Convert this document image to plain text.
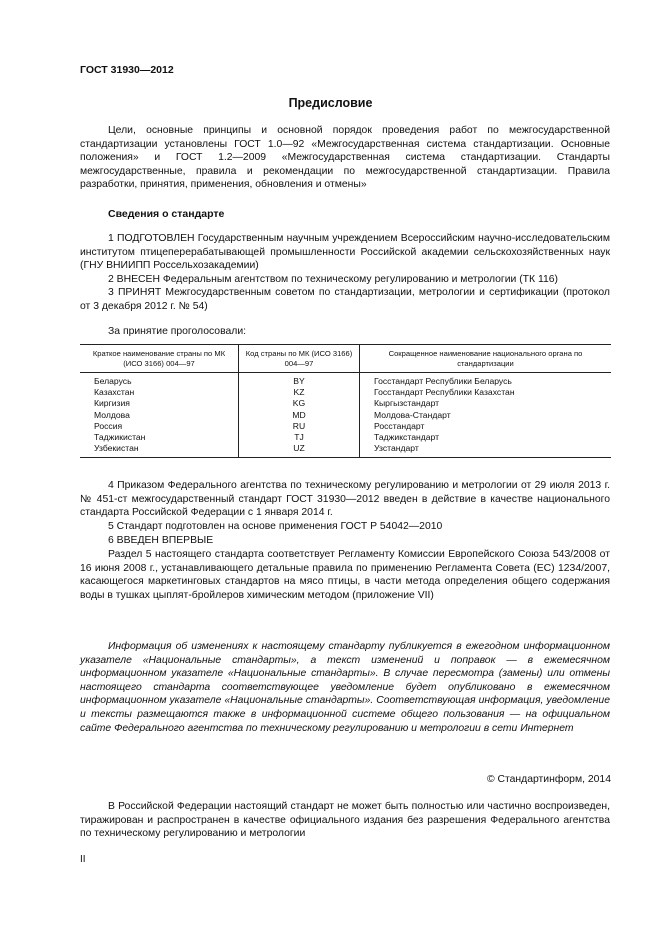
ГОСТ 31930—2012
Предисловие

Цели, основные принципы и основной порядок проведения работ по межгосударственной стандартизации установлены ГОСТ 1.0—92 «Межгосударственная система стандартизации. Основные положения» и ГОСТ 1.2—2009 «Межгосударственная система стандартизации. Стандарты межгосударственные, правила и рекомендации по межгосударственной стандартизации. Правила разработки, принятия, применения, обновления и отмены»

Сведения о стандарте

1 ПОДГОТОВЛЕН Государственным научным учреждением Всероссийским научно-исследовательским институтом птицеперерабатывающей промышленности Российской академии сельскохозяйственных наук (ГНУ ВНИИПП Россельхозакадемии)

2 ВНЕСЕН Федеральным агентством по техническому регулированию и метрологии (ТК 116)

3 ПРИНЯТ Межгосударственным советом по стандартизации, метрологии и сертификации (протокол от 3 декабря 2012 г. № 54)

За принятие проголосовали:
Краткое наименование страны по МК (ИСО 3166) 004—97	Код страны по МК (ИСО 3166) 004—97	Сокращенное наименование национального органа по стандартизации
Беларусь	BY	Госстандарт Республики Беларусь
Казахстан	KZ	Госстандарт Республики Казахстан
Киргизия	KG	Кыргызстандарт
Молдова	MD	Молдова-Стандарт
Россия	RU	Росстандарт
Таджикистан	TJ	Таджикстандарт
Узбекистан	UZ	Узстандарт

4 Приказом Федерального агентства по техническому регулированию и метрологии от 29 июля 2013 г. № 451-ст межгосударственный стандарт ГОСТ 31930—2012 введен в действие в качестве национального стандарта Российской Федерации с 1 января 2014 г.

5 Стандарт подготовлен на основе применения ГОСТ Р 54042—2010

6 ВВЕДЕН ВПЕРВЫЕ

Раздел 5 настоящего стандарта соответствует Регламенту Комиссии Европейского Союза 543/2008 от 16 июня 2008 г., устанавливающего детальные правила по применению Регламента Совета (ЕС) 1234/2007, касающегося маркетинговых стандартов на мясо птицы, в части метода определения общего содержания воды в тушках цыплят-бройлеров химическим методом (приложение VII)

Информация об изменениях к настоящему стандарту публикуется в ежегодном информационном указателе «Национальные стандарты», а текст изменений и поправок — в ежемесячном информационном указателе «Национальные стандарты». В случае пересмотра (замены) или отмены настоящего стандарта соответствующее уведомление будет опубликовано в ежемесячном информационном указателе «Национальные стандарты». Соответствующая информация, уведомление и тексты размещаются также в информационной системе общего пользования — на официальном сайте Федерального агентства по техническому регулированию и метрологии в сети Интернет

© Стандартинформ, 2014

В Российской Федерации настоящий стандарт не может быть полностью или частично воспроизведен, тиражирован и распространен в качестве официального издания без разрешения Федерального агентства по техническому регулированию и метрологии

II
